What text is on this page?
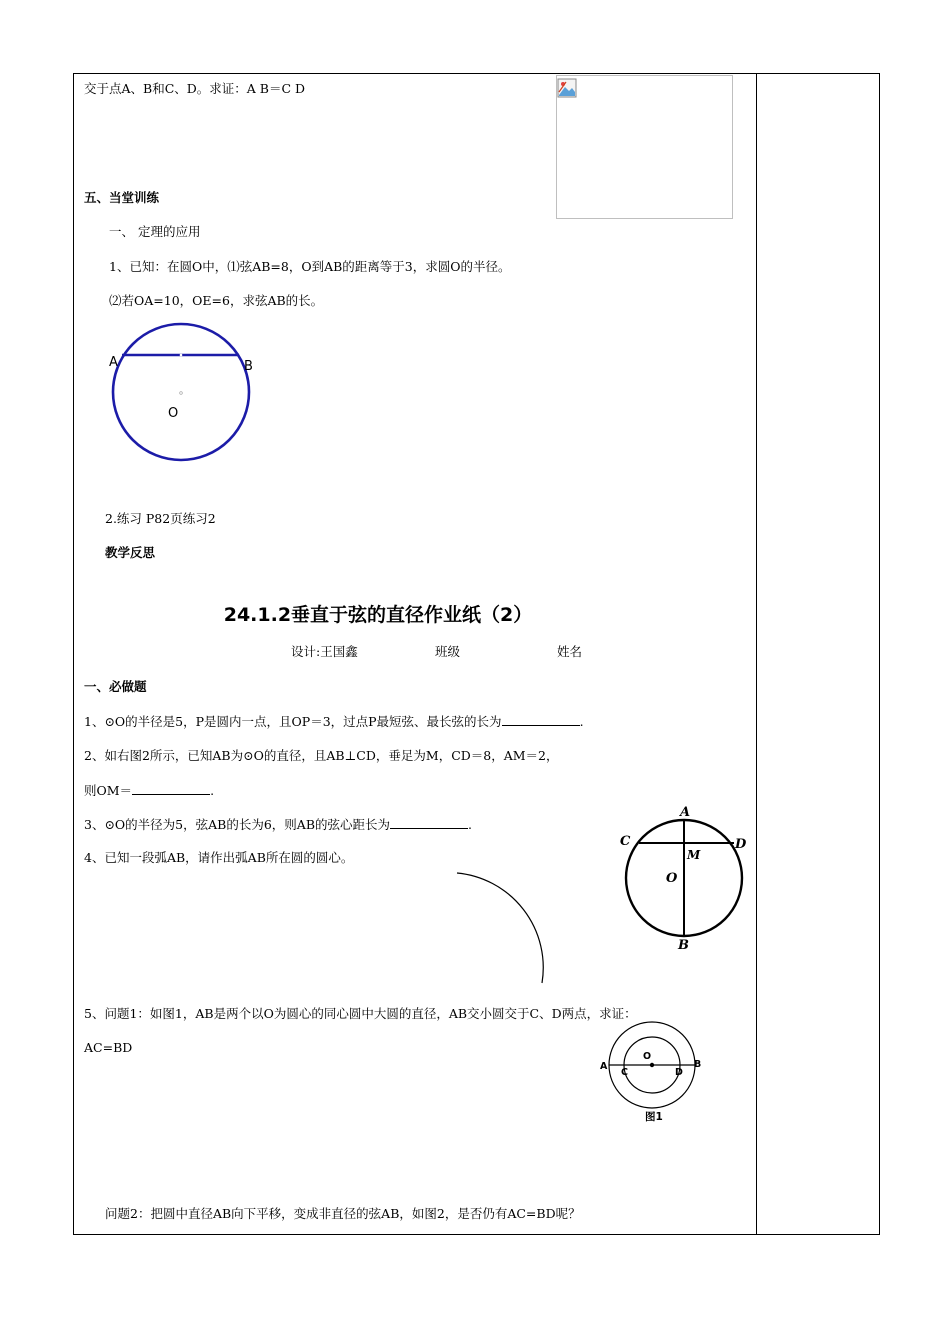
交于点A、B和C、D。求证：A B＝C D
五、当堂训练
一、 定理的应用
1、已知：在圆O中，⑴弦AB=8，O到AB的距离等于3，求圆O的半径。
⑵若OA=10，OE=6，求弦AB的长。
A	B
O
2.练习 P82页练习2
教学反思
24.1.2垂直于弦的直径作业纸（2）
设计:王国鑫	班级	姓名
一、必做题
1、⊙O的半径是5，P是圆内一点，且OP＝3，过点P最短弦、最长弦的长为	.
2、如右图2所示，已知AB为⊙O的直径，且AB⊥CD，垂足为M，CD＝8，AM＝2，
则OM＝	.
3、⊙O的半径为5，弦AB的长为6，则AB的弦心距长为	.
4、已知一段弧AB，请作出弧AB所在圆的圆心。
A
C	D
M
O
B
5、问题1：如图1，AB是两个以O为圆心的同心圆中大圆的直径，AB交小圆交于C、D两点，求证：
AC=BD
A	B
C	D
O
图1
问题2：把圆中直径AB向下平移，变成非直径的弦AB，如图2，是否仍有AC=BD呢？
